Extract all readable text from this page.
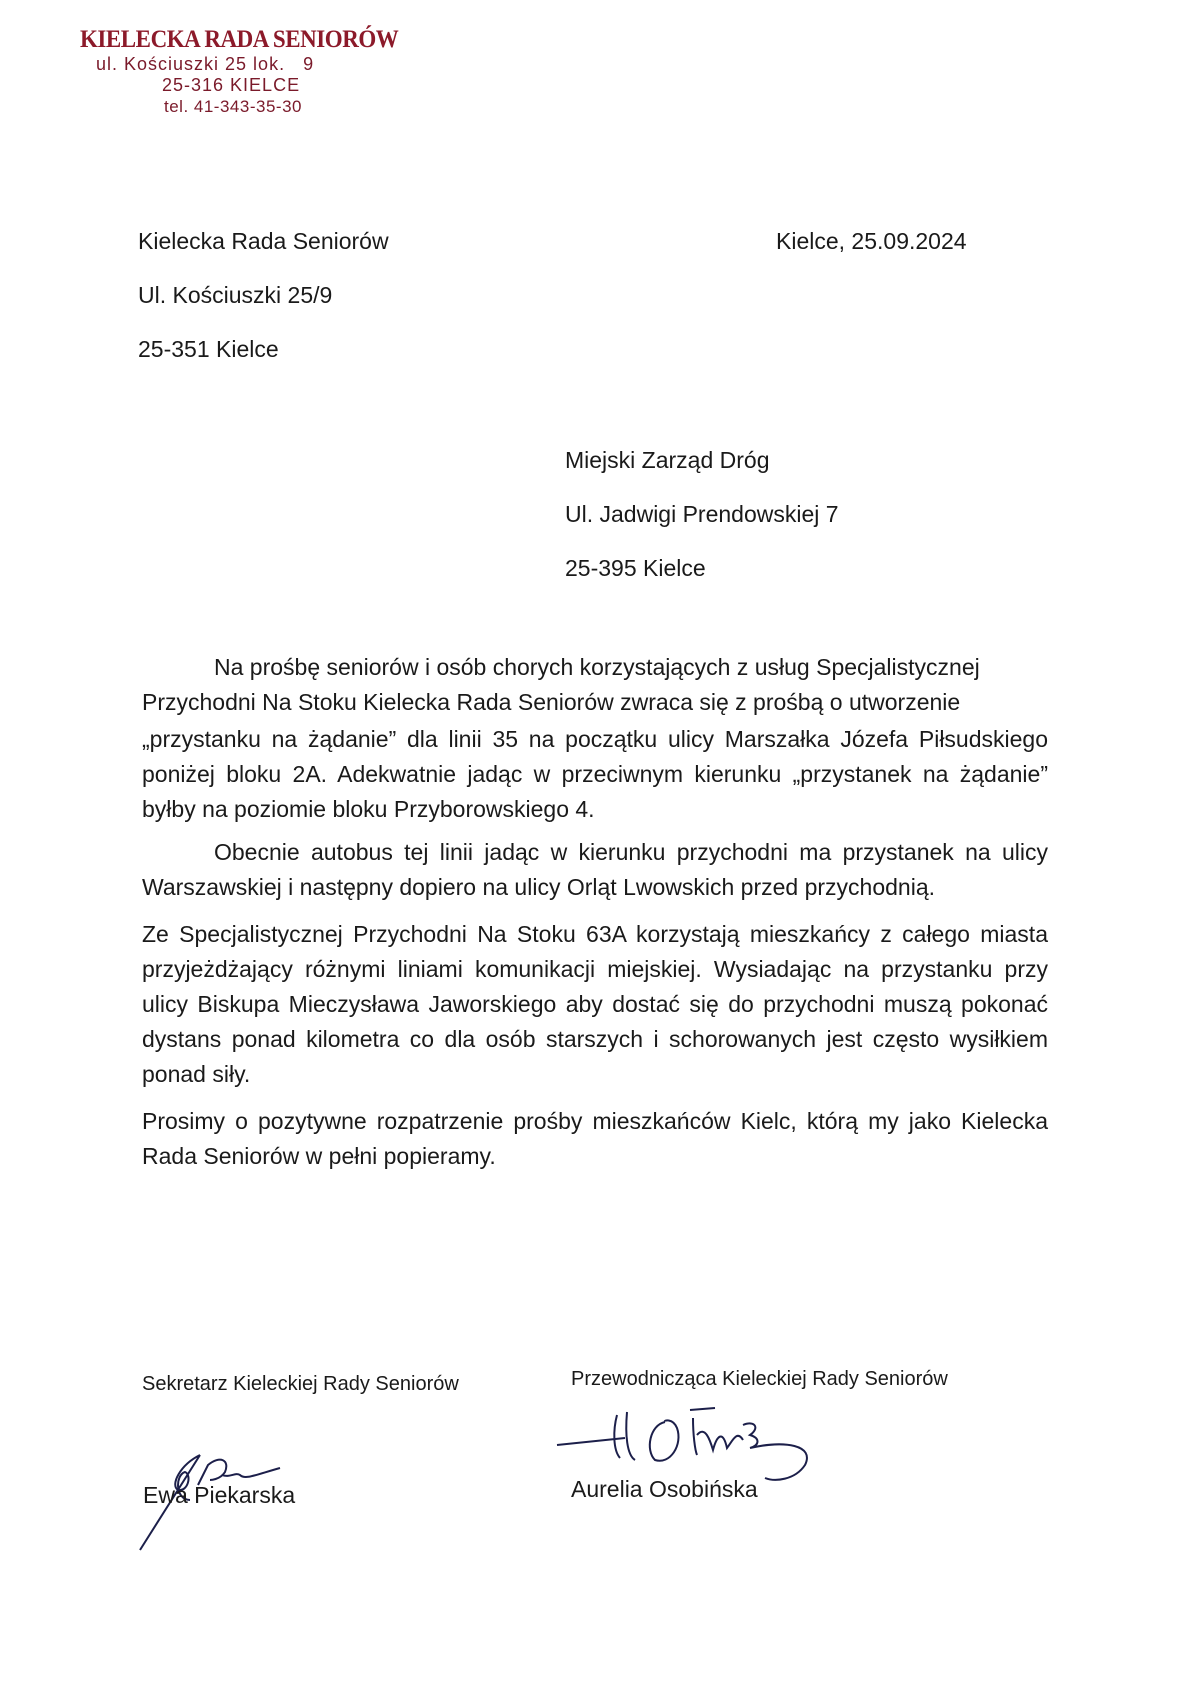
KIELECKA RADA SENIORÓW
ul. Kościuszki 25 lok.   9
25-316 KIELCE
tel. 41-343-35-30
Kielecka Rada Seniorów
Ul. Kościuszki 25/9
25-351 Kielce
Kielce, 25.09.2024
Miejski Zarząd Dróg
Ul. Jadwigi Prendowskiej 7
25-395 Kielce

Na prośbę seniorów i osób chorych korzystających z usług Specjalistycznej Przychodni Na Stoku Kielecka Rada Seniorów zwraca się z prośbą o utworzenie

„przystanku na żądanie” dla linii 35 na początku ulicy Marszałka Józefa Piłsudskiego poniżej bloku 2A. Adekwatnie jadąc w przeciwnym kierunku „przystanek na żądanie” byłby na poziomie bloku Przyborowskiego 4.

Obecnie autobus tej linii jadąc w kierunku przychodni ma przystanek na ulicy Warszawskiej i następny dopiero na ulicy Orląt Lwowskich przed przychodnią.

Ze Specjalistycznej Przychodni Na Stoku 63A korzystają mieszkańcy z całego miasta przyjeżdżający różnymi liniami komunikacji miejskiej. Wysiadając na przystanku przy ulicy Biskupa Mieczysława Jaworskiego aby dostać się do przychodni muszą pokonać dystans ponad kilometra co dla osób starszych i schorowanych jest często wysiłkiem ponad siły.

Prosimy o pozytywne rozpatrzenie prośby mieszkańców Kielc, którą my jako Kielecka Rada Seniorów w pełni popieramy.

Sekretarz Kieleckiej Rady Seniorów
Ewa Piekarska
Przewodnicząca Kieleckiej Rady Seniorów
Aurelia Osobińska
